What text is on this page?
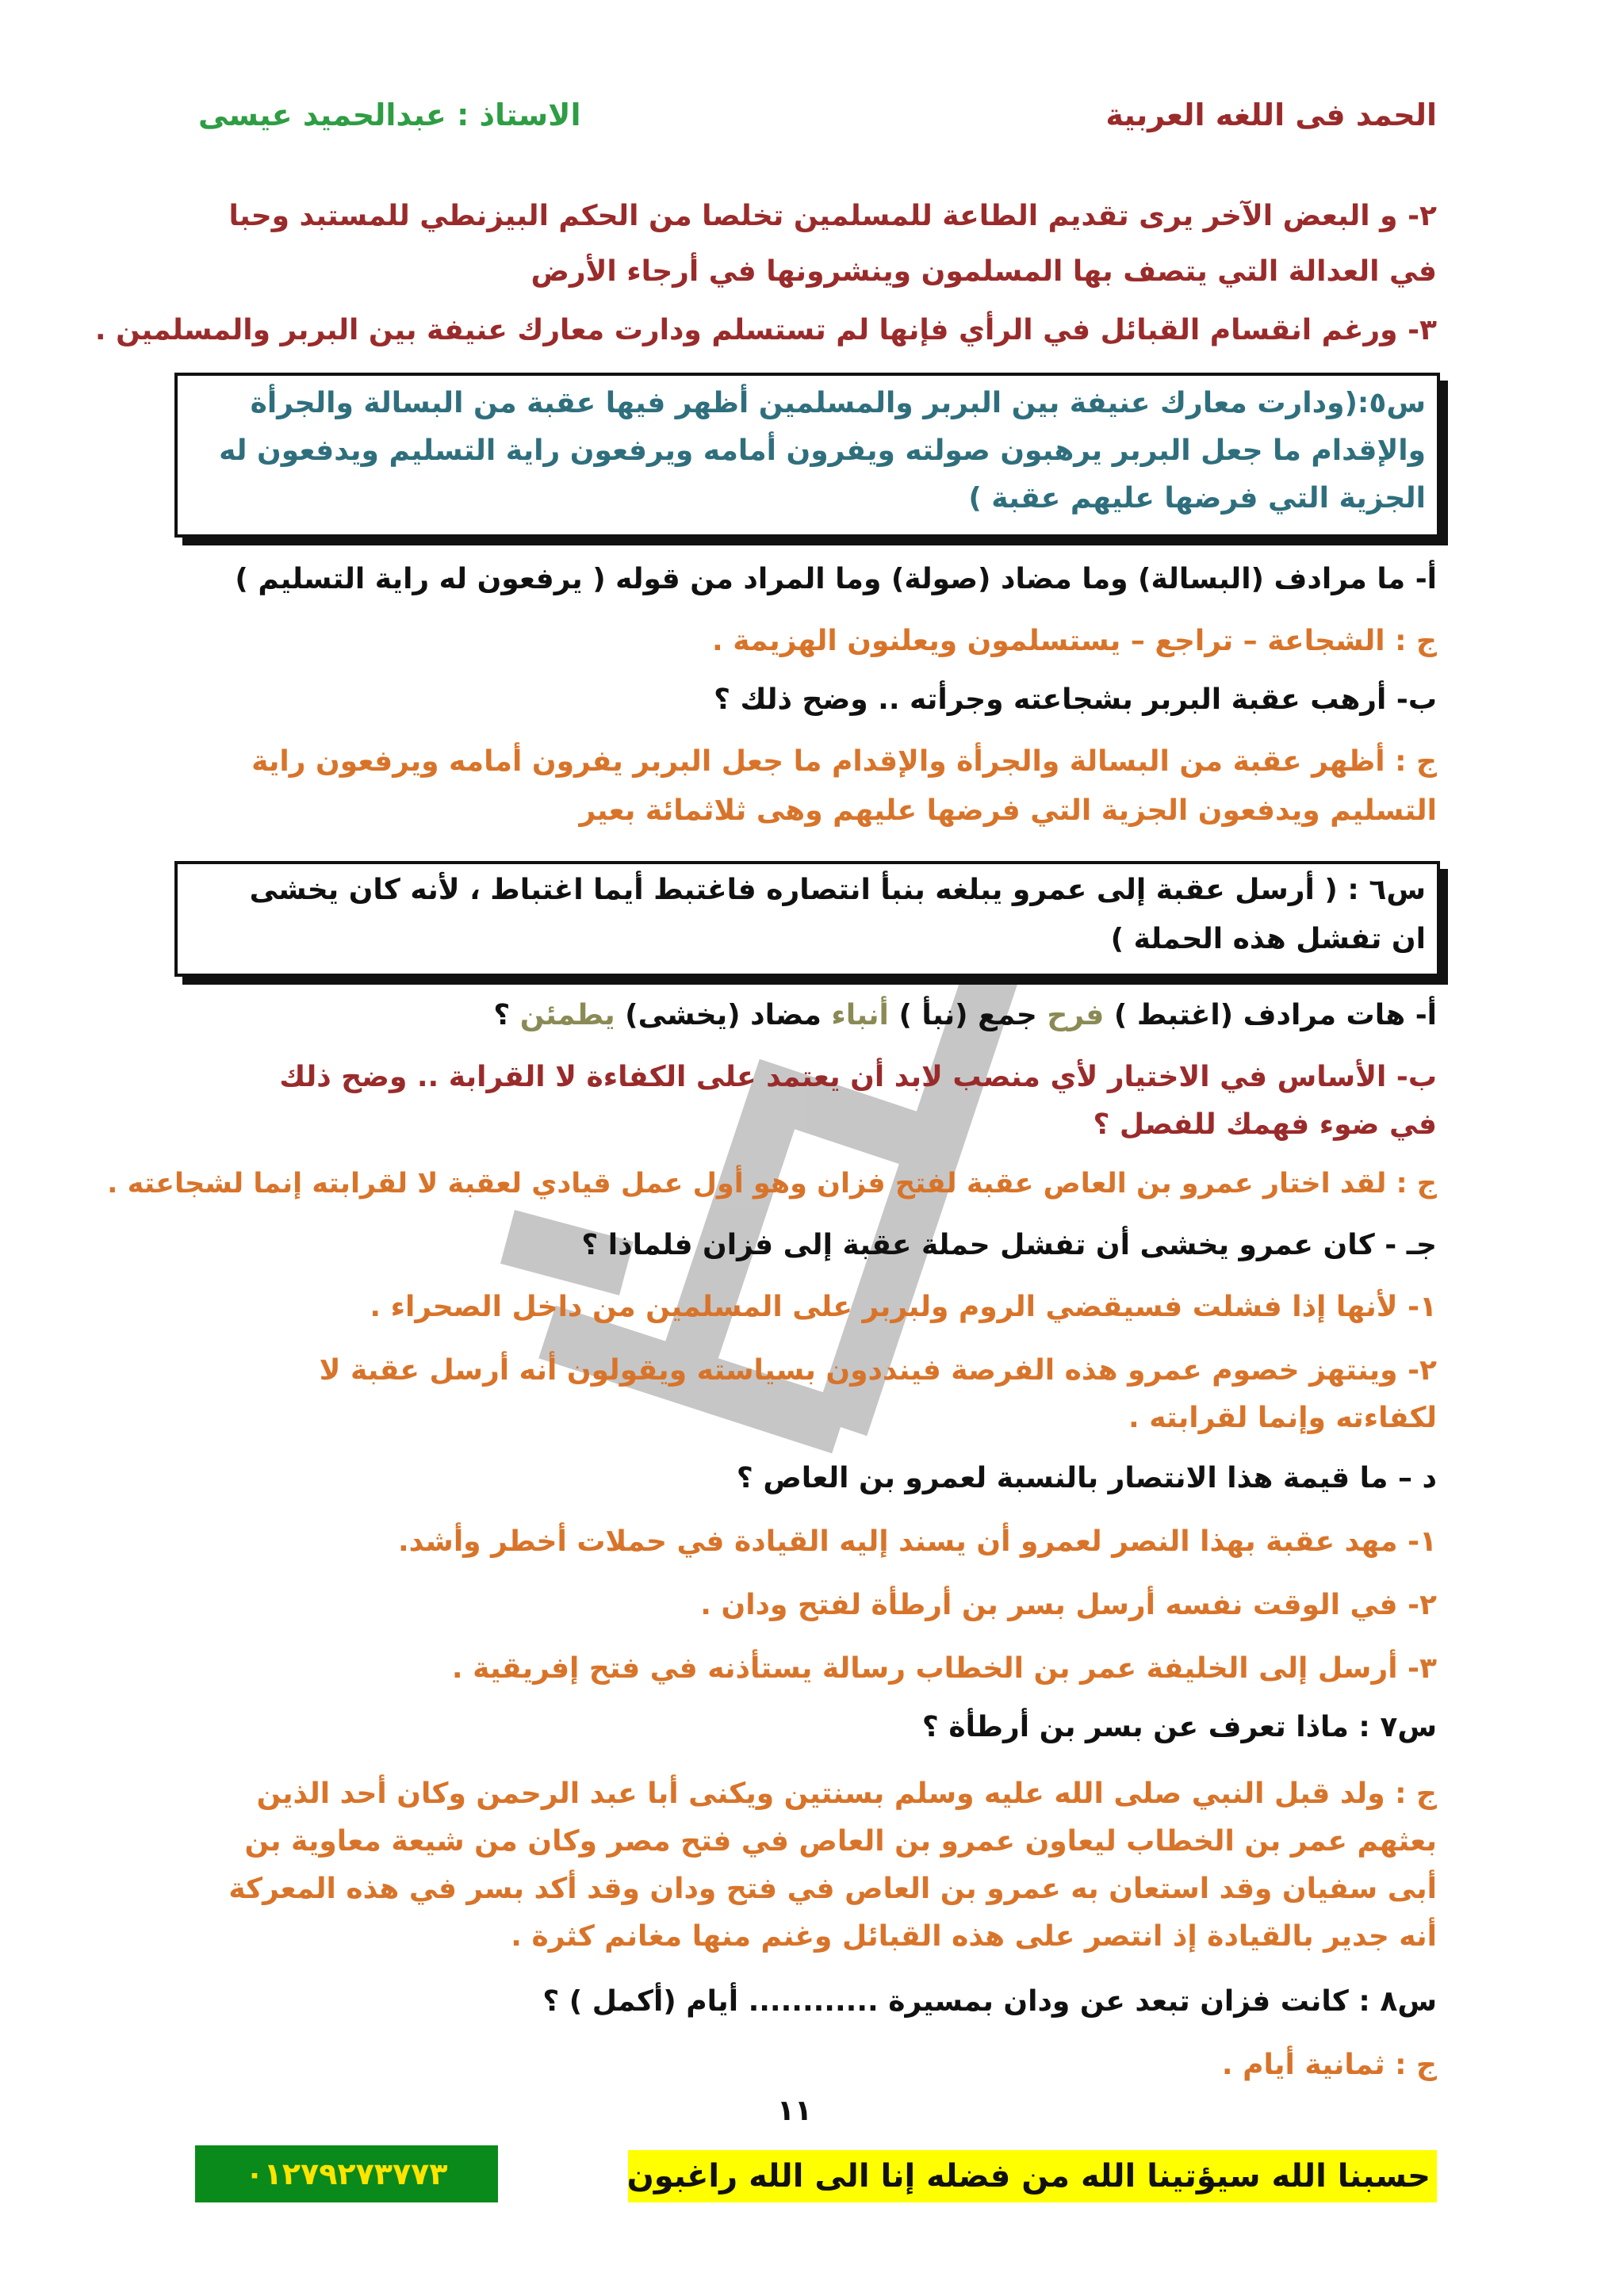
الحمد فى اللغه العربية
الاستاذ : عبدالحميد عيسى
٢- و البعض الآخر يرى تقديم الطاعة للمسلمين تخلصا من الحكم البيزنطي للمستبد وحبا
في العدالة التي يتصف بها المسلمون وينشرونها في أرجاء الأرض
٣- ورغم انقسام القبائل في الرأي فإنها لم تستسلم ودارت معارك عنيفة بين البربر والمسلمين .
س٥:(ودارت معارك عنيفة بين البربر والمسلمين أظهر فيها عقبة من البسالة والجرأة
والإقدام ما جعل البربر يرهبون صولته ويفرون أمامه ويرفعون راية التسليم ويدفعون له
الجزية التي فرضها عليهم عقبة )
أ- ما مرادف (البسالة) وما مضاد (صولة) وما المراد من قوله ( يرفعون له راية التسليم )
ج : الشجاعة – تراجع – يستسلمون ويعلنون الهزيمة .
ب- أرهب عقبة البربر بشجاعته وجرأته .. وضح ذلك ؟
ج : أظهر عقبة من البسالة والجرأة والإقدام ما جعل البربر يفرون أمامه ويرفعون راية
التسليم ويدفعون الجزية التي فرضها عليهم وهى ثلاثمائة بعير
س٦ : ( أرسل عقبة إلى عمرو يبلغه بنبأ انتصاره فاغتبط أيما اغتباط ، لأنه كان يخشى
ان تفشل هذه الحملة )
أ- هات مرادف (اغتبط ) فرح جمع (نبأ ) أنباء مضاد (يخشى) يطمئن ؟
ب- الأساس في الاختيار لأي منصب لابد أن يعتمد على الكفاءة لا القرابة .. وضح ذلك
في ضوء فهمك للفصل ؟
ج : لقد اختار عمرو بن العاص عقبة لفتح فزان وهو أول عمل قيادي لعقبة لا لقرابته إنما لشجاعته .
جـ - كان عمرو يخشى أن تفشل حملة عقبة إلى فزان فلماذا ؟
١- لأنها إذا فشلت فسيقضي الروم ولبربر على المسلمين من داخل الصحراء .
٢- وينتهز خصوم عمرو هذه الفرصة فينددون بسياسته ويقولون أنه أرسل عقبة لا
لكفاءته وإنما لقرابته .
د – ما قيمة هذا الانتصار بالنسبة لعمرو بن العاص ؟
١- مهد عقبة بهذا النصر لعمرو أن يسند إليه القيادة في حملات أخطر وأشد.
٢- في الوقت نفسه أرسل بسر بن أرطأة لفتح ودان .
٣- أرسل إلى الخليفة عمر بن الخطاب رسالة يستأذنه في فتح إفريقية .
س٧ : ماذا تعرف عن بسر بن أرطأة ؟
ج : ولد قبل النبي صلى الله عليه وسلم بسنتين ويكنى أبا عبد الرحمن وكان أحد الذين
بعثهم عمر بن الخطاب ليعاون عمرو بن العاص في فتح مصر وكان من شيعة معاوية بن
أبى سفيان وقد استعان به عمرو بن العاص في فتح ودان وقد أكد بسر في هذه المعركة
أنه جدير بالقيادة إذ انتصر على هذه القبائل وغنم منها مغانم كثرة .
س٨ : كانت فزان تبعد عن ودان بمسيرة ............ أيام (أكمل ) ؟
ج : ثمانية أيام .
١١
٠١٢٧٩٢٧٣٧٧٣	حسبنا الله سيؤتينا الله من فضله إنا الى الله راغبون
